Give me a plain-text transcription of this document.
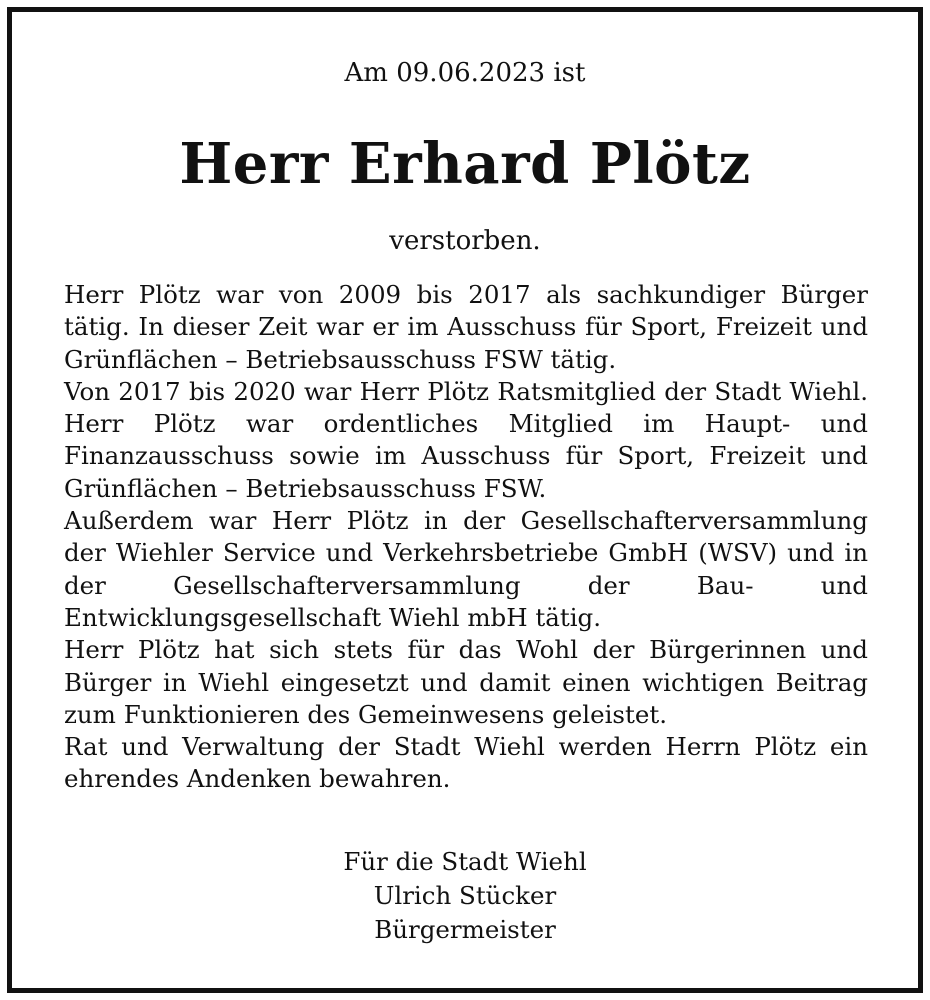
Am 09.06.2023 ist
Herr Erhard Plötz
verstorben.

Herr Plötz war von 2009 bis 2017 als sachkundiger Bürger tätig. In dieser Zeit war er im Ausschuss für Sport, Freizeit und Grünflächen – Betriebsausschuss FSW tätig.

Von 2017 bis 2020 war Herr Plötz Ratsmitglied der Stadt Wiehl. Herr Plötz war ordentliches Mitglied im Haupt- und Finanzausschuss sowie im Ausschuss für Sport, Freizeit und Grünflächen – Betriebsausschuss FSW.

Außerdem war Herr Plötz in der Gesellschafterversammlung der Wiehler Service und Verkehrsbetriebe GmbH (WSV) und in der Gesellschafterversammlung der Bau- und Entwicklungsgesellschaft Wiehl mbH tätig.

Herr Plötz hat sich stets für das Wohl der Bürgerinnen und Bürger in Wiehl eingesetzt und damit einen wichtigen Beitrag zum Funktionieren des Gemeinwesens geleistet.

Rat und Verwaltung der Stadt Wiehl werden Herrn Plötz ein ehrendes Andenken bewahren.

Für die Stadt Wiehl
Ulrich Stücker
Bürgermeister
